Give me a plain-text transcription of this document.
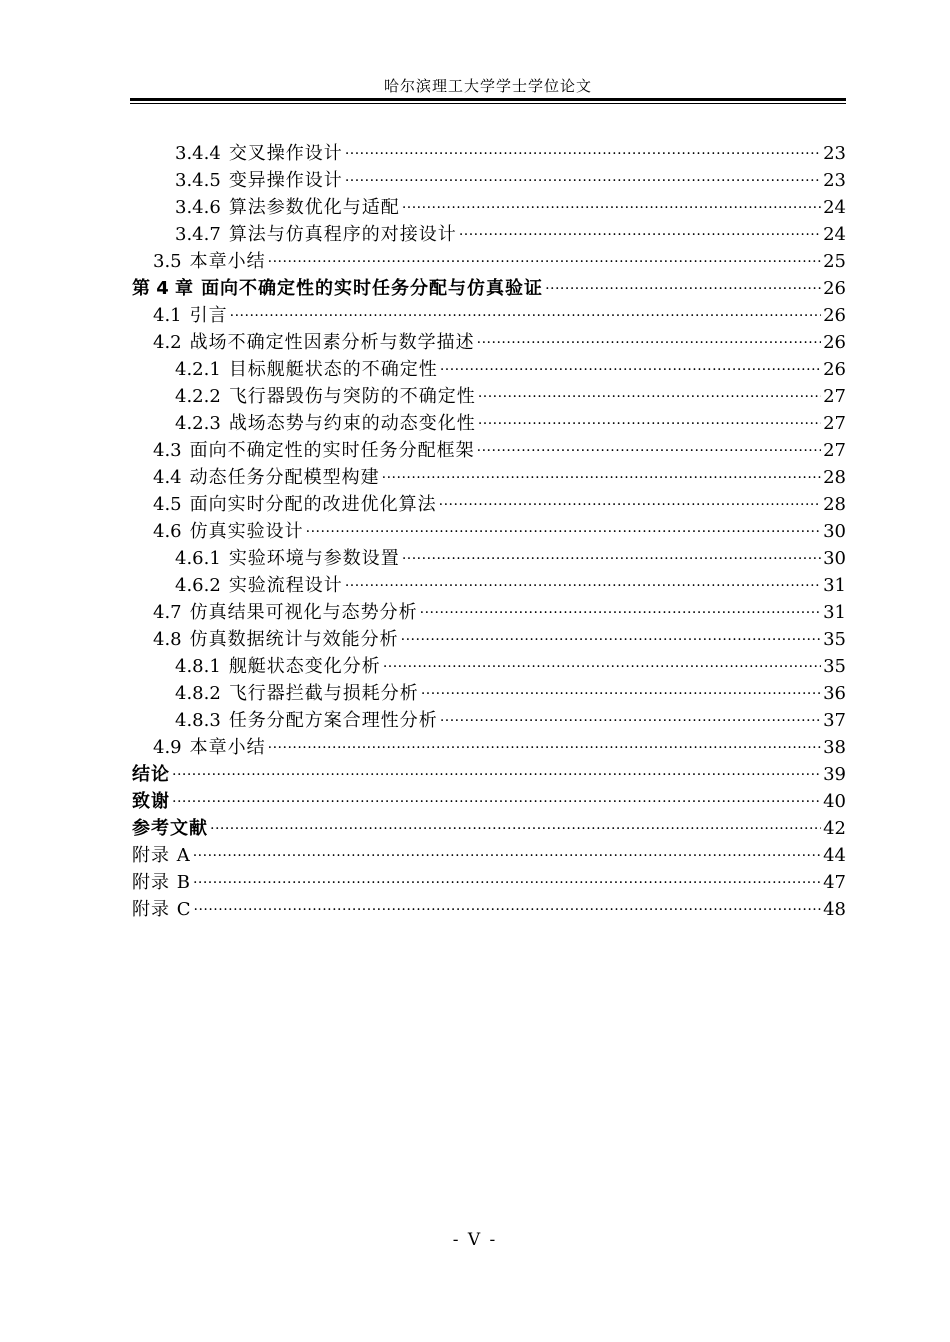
哈尔滨理工大学学士学位论文
3.4.4 交叉操作设计 .....	23
3.4.5 变异操作设计 .....	23
3.4.6 算法参数优化与适配 .....	24
3.4.7 算法与仿真程序的对接设计 .....	24
3.5 本章小结 .....	25
第 4 章 面向不确定性的实时任务分配与仿真验证 .....	26
4.1 引言 .....	26
4.2 战场不确定性因素分析与数学描述 .....	26
4.2.1 目标舰艇状态的不确定性 .....	26
4.2.2 飞行器毁伤与突防的不确定性 .....	27
4.2.3 战场态势与约束的动态变化性 .....	27
4.3 面向不确定性的实时任务分配框架 .....	27
4.4 动态任务分配模型构建 .....	28
4.5 面向实时分配的改进优化算法 .....	28
4.6 仿真实验设计 .....	30
4.6.1 实验环境与参数设置 .....	30
4.6.2 实验流程设计 .....	31
4.7 仿真结果可视化与态势分析 .....	31
4.8 仿真数据统计与效能分析 .....	35
4.8.1 舰艇状态变化分析 .....	35
4.8.2 飞行器拦截与损耗分析 .....	36
4.8.3 任务分配方案合理性分析 .....	37
4.9 本章小结 .....	38
结论 .....	39
致谢 .....	40
参考文献 .....	42
附录 A .....	44
附录 B .....	47
附录 C .....	48
- V -
